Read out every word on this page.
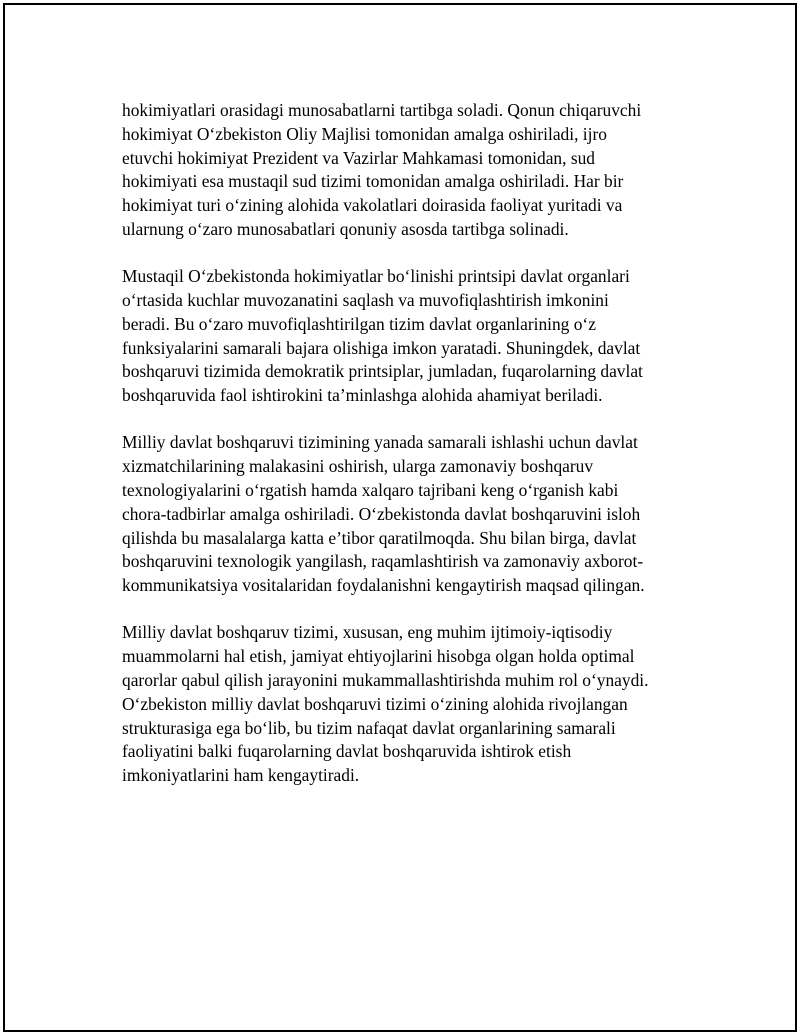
hokimiyatlari orasidagi munosabatlarni tartibga soladi. Qonun chiqaruvchi
hokimiyat O‘zbekiston Oliy Majlisi tomonidan amalga oshiriladi, ijro
etuvchi hokimiyat Prezident va Vazirlar Mahkamasi tomonidan, sud
hokimiyati esa mustaqil sud tizimi tomonidan amalga oshiriladi. Har bir
hokimiyat turi o‘zining alohida vakolatlari doirasida faoliyat yuritadi va
ularnung o‘zaro munosabatlari qonuniy asosda tartibga solinadi.

Mustaqil O‘zbekistonda hokimiyatlar bo‘linishi printsipi davlat organlari
o‘rtasida kuchlar muvozanatini saqlash va muvofiqlashtirish imkonini
beradi. Bu o‘zaro muvofiqlashtirilgan tizim davlat organlarining o‘z
funksiyalarini samarali bajara olishiga imkon yaratadi. Shuningdek, davlat
boshqaruvi tizimida demokratik printsiplar, jumladan, fuqarolarning davlat
boshqaruvida faol ishtirokini ta’minlashga alohida ahamiyat beriladi.

Milliy davlat boshqaruvi tizimining yanada samarali ishlashi uchun davlat
xizmatchilarining malakasini oshirish, ularga zamonaviy boshqaruv
texnologiyalarini o‘rgatish hamda xalqaro tajribani keng o‘rganish kabi
chora-tadbirlar amalga oshiriladi. O‘zbekistonda davlat boshqaruvini isloh
qilishda bu masalalarga katta e’tibor qaratilmoqda. Shu bilan birga, davlat
boshqaruvini texnologik yangilash, raqamlashtirish va zamonaviy axborot-
kommunikatsiya vositalaridan foydalanishni kengaytirish maqsad qilingan.

Milliy davlat boshqaruv tizimi, xususan, eng muhim ijtimoiy-iqtisodiy
muammolarni hal etish, jamiyat ehtiyojlarini hisobga olgan holda optimal
qarorlar qabul qilish jarayonini mukammallashtirishda muhim rol o‘ynaydi.
O‘zbekiston milliy davlat boshqaruvi tizimi o‘zining alohida rivojlangan
strukturasiga ega bo‘lib, bu tizim nafaqat davlat organlarining samarali
faoliyatini balki fuqarolarning davlat boshqaruvida ishtirok etish
imkoniyatlarini ham kengaytiradi.
